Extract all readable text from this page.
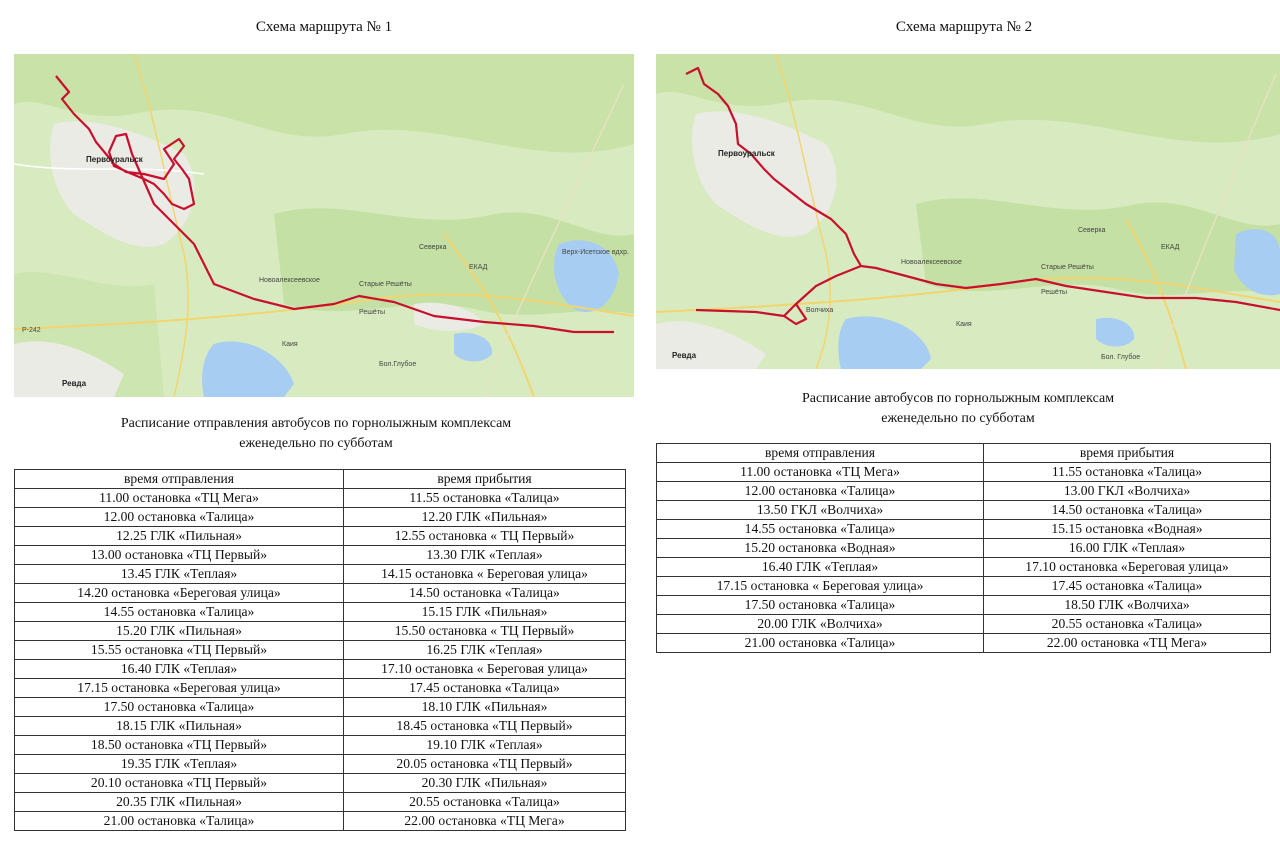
Схема маршрута № 1
Первоуральск
Ревда
Новоалексеевское
Решёты
Старые Решёты
Северка
Каия
Бол.Глубое
Верх-Исетское вдхр.
ЕКАД
Р-242
Расписание отправления автобусов по горнолыжным комплексам
еженедельно по субботам
время отправления	время прибытия
11.00 остановка «ТЦ Мега»	11.55 остановка «Талица»
12.00 остановка «Талица»	12.20 ГЛК «Пильная»
12.25 ГЛК «Пильная»	12.55 остановка « ТЦ Первый»
13.00 остановка «ТЦ Первый»	13.30 ГЛК «Теплая»
13.45 ГЛК «Теплая»	14.15 остановка « Береговая улица»
14.20 остановка «Береговая улица»	14.50 остановка «Талица»
14.55 остановка «Талица»	15.15 ГЛК «Пильная»
15.20 ГЛК «Пильная»	15.50 остановка « ТЦ Первый»
15.55 остановка «ТЦ Первый»	16.25 ГЛК «Теплая»
16.40 ГЛК «Теплая»	17.10 остановка « Береговая улица»
17.15 остановка «Береговая улица»	17.45 остановка «Талица»
17.50 остановка «Талица»	18.10 ГЛК «Пильная»
18.15 ГЛК «Пильная»	18.45 остановка «ТЦ Первый»
18.50 остановка «ТЦ Первый»	19.10 ГЛК «Теплая»
19.35 ГЛК «Теплая»	20.05 остановка «ТЦ Первый»
20.10 остановка «ТЦ Первый»	20.30 ГЛК «Пильная»
20.35 ГЛК «Пильная»	20.55 остановка «Талица»
21.00 остановка «Талица»	22.00 остановка «ТЦ Мега»
Схема маршрута № 2
Первоуральск
Ревда
Новоалексеевское
Решёты
Старые Решёты
Северка
Каия
Бол. Глубое
Волчиха
ЕКАД
Расписание автобусов по горнолыжным комплексам
еженедельно по субботам
время отправления	время прибытия
11.00 остановка «ТЦ Мега»	11.55 остановка «Талица»
12.00 остановка «Талица»	13.00 ГКЛ «Волчиха»
13.50 ГКЛ «Волчиха»	14.50 остановка «Талица»
14.55 остановка «Талица»	15.15 остановка «Водная»
15.20 остановка «Водная»	16.00 ГЛК «Теплая»
16.40 ГЛК «Теплая»	17.10 остановка «Береговая улица»
17.15 остановка « Береговая улица»	17.45 остановка «Талица»
17.50 остановка «Талица»	18.50 ГЛК «Волчиха»
20.00 ГЛК «Волчиха»	20.55 остановка «Талица»
21.00 остановка «Талица»	22.00 остановка «ТЦ Мега»
